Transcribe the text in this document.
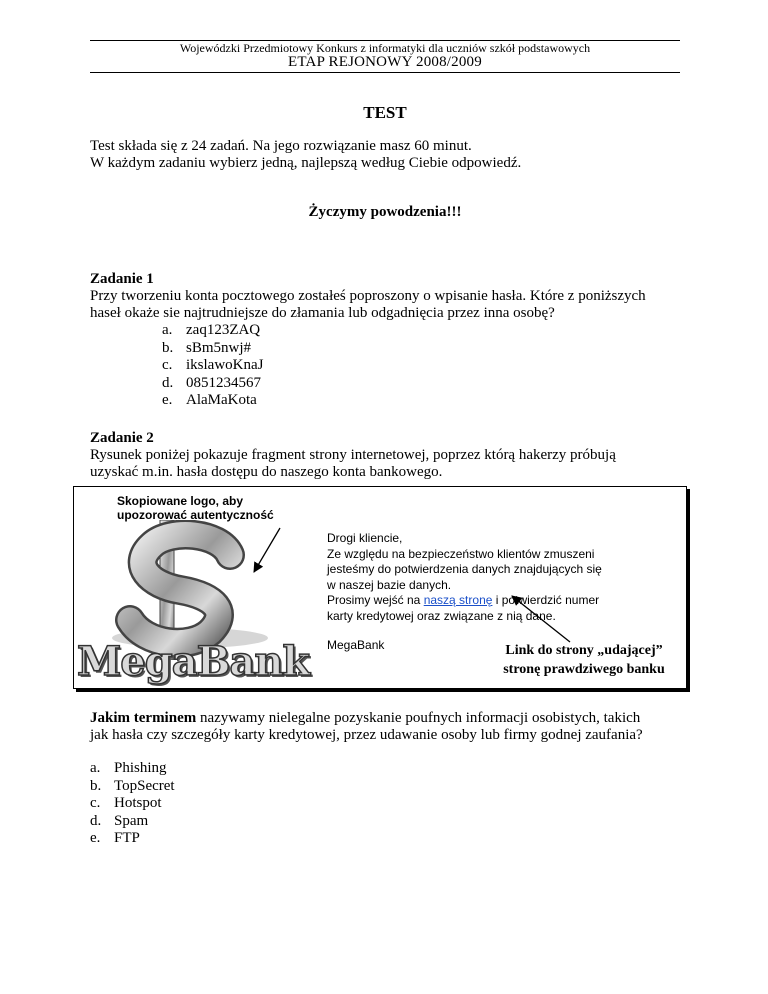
Wojewódzki Przedmiotowy Konkurs z informatyki dla uczniów szkół podstawowych
ETAP REJONOWY 2008/2009
TEST
Test składa się z 24 zadań. Na jego rozwiązanie masz 60 minut.
W każdym zadaniu wybierz jedną, najlepszą według Ciebie odpowiedź.
Życzymy powodzenia!!!
Zadanie 1
Przy tworzeniu konta pocztowego zostałeś poproszony o wpisanie hasła. Które z poniższych
haseł okaże sie najtrudniejsze do złamania lub odgadnięcia przez inna osobę?
a. zaq123ZAQ
b. sBm5nwj#
c. ikslawoKnaJ
d. 0851234567
e. AlaMaKota
Zadanie 2
Rysunek poniżej pokazuje fragment strony internetowej, poprzez którą hakerzy próbują
uzyskać m.in. hasła dostępu do naszego konta bankowego.
MegaBank
Skopiowane logo, aby
upozorować autentyczność
Drogi kliencie,
Ze względu na bezpieczeństwo klientów zmuszeni
jesteśmy do potwierdzenia danych znajdujących się
w naszej bazie danych.
Prosimy wejść na naszą stronę i potwierdzić numer
karty kredytowej oraz związane z nią dane.
MegaBank	Link do strony „udającej”
stronę prawdziwego banku
Jakim terminem nazywamy nielegalne pozyskanie poufnych informacji osobistych, takich
jak hasła czy szczegóły karty kredytowej, przez udawanie osoby lub firmy godnej zaufania?
a. Phishing
b. TopSecret
c. Hotspot
d. Spam
e. FTP
